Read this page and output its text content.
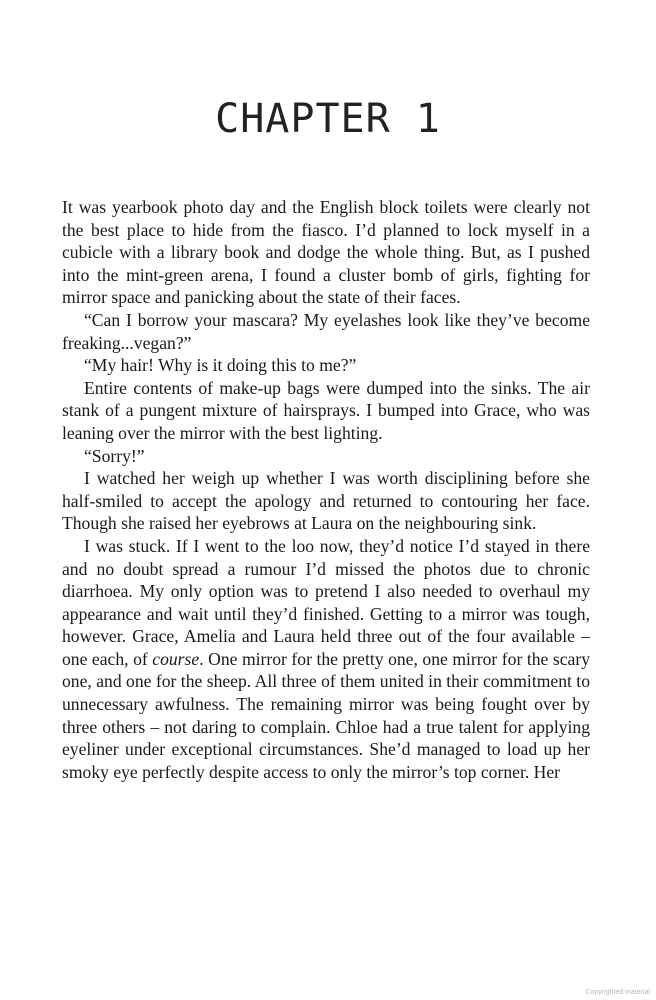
CHAPTER 1

It was yearbook photo day and the English block toilets were clearly not the best place to hide from the fiasco. I’d planned to lock myself in a cubicle with a library book and dodge the whole thing. But, as I pushed into the mint-green arena, I found a cluster bomb of girls, fighting for mirror space and panicking about the state of their faces.

“Can I borrow your mascara? My eyelashes look like they’ve become freaking...vegan?”

“My hair! Why is it doing this to me?”

Entire contents of make-up bags were dumped into the sinks. The air stank of a pungent mixture of hairsprays. I bumped into Grace, who was leaning over the mirror with the best lighting.

“Sorry!”

I watched her weigh up whether I was worth disciplining before she half-smiled to accept the apology and returned to contouring her face. Though she raised her eyebrows at Laura on the neighbouring sink.

I was stuck. If I went to the loo now, they’d notice I’d stayed in there and no doubt spread a rumour I’d missed the photos due to chronic diarrhoea. My only option was to pretend I also needed to overhaul my appearance and wait until they’d finished. Getting to a mirror was tough, however. Grace, Amelia and Laura held three out of the four available – one each, of course. One mirror for the pretty one, one mirror for the scary one, and one for the sheep. All three of them united in their commitment to unnecessary awfulness. The remaining mirror was being fought over by three others – not daring to complain. Chloe had a true talent for applying eyeliner under exceptional circumstances. She’d managed to load up her smoky eye perfectly despite access to only the mirror’s top corner. Her

Copyrighted material
